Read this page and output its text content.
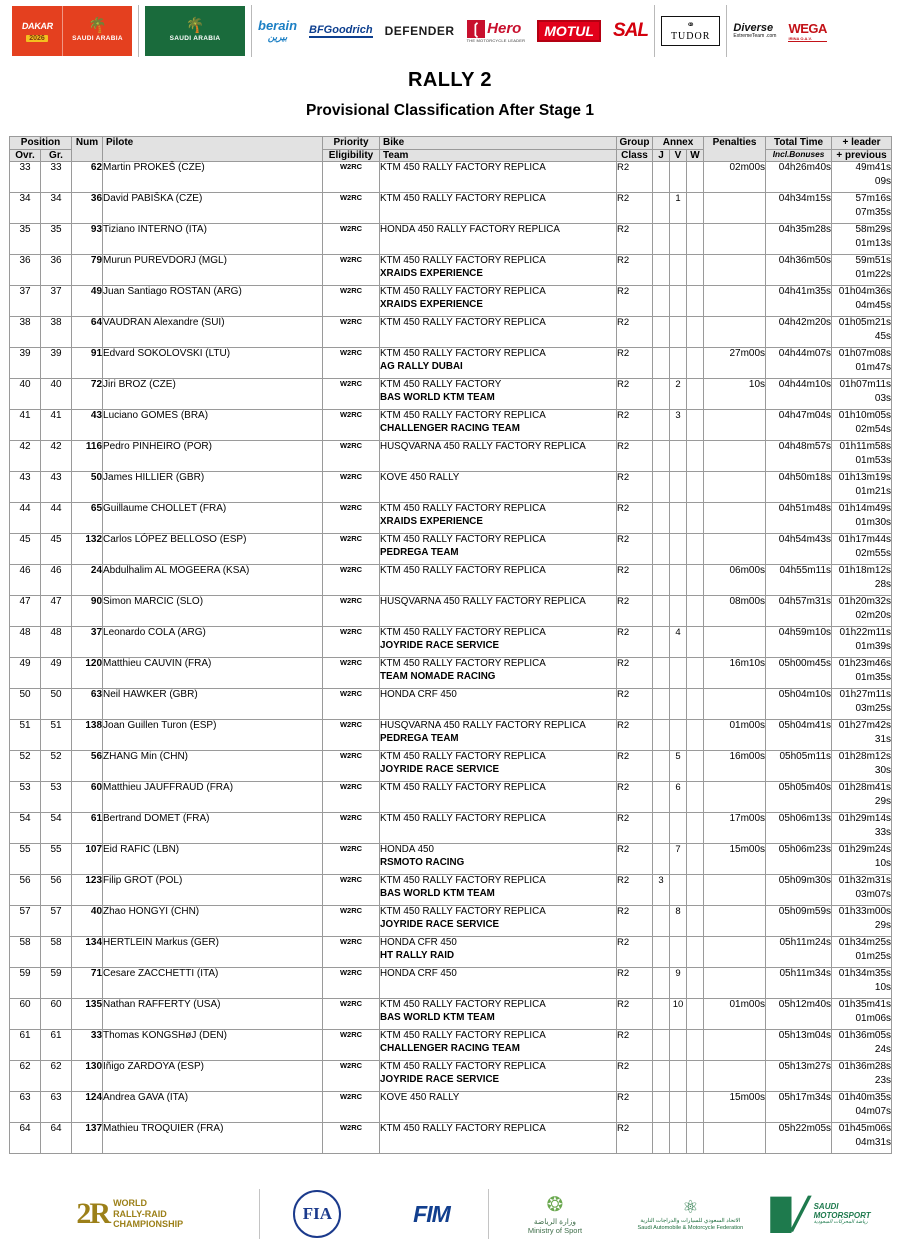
DAKAR
2026
🌴
SAUDI ARABIA
🌴
SAUDI ARABIA
berain
بيرين
BFGoodrich DEFENDER ❲ Hero
THE MOTORCYCLE LEADER
MOTUL	SAL	⚭
TUDOR
Diverse
ExtremeTeam .com
WEGA
IRINA O.A.V.
RALLY 2
Provisional Classification After Stage 1
Position		Num	Pilote	Priority	Bike	Group	Annex			Penalties	Total Time	+ leader
Ovr.	Gr.			Eligibility	Team	Class	J	V	W		Incl.Bonuses	+ previous
33	33	62	Martin PROKEŠ (CZE)	W2RC	KTM 450 RALLY FACTORY REPLICA	R2				02m00s	04h26m40s	49m41s
09s

34	34	36	David PABIŠKA (CZE)	W2RC	KTM 450 RALLY FACTORY REPLICA	R2		1			04h34m15s	57m16s
07m35s

35	35	93	Tiziano INTERNO (ITA)	W2RC	HONDA 450 RALLY FACTORY REPLICA	R2					04h35m28s	58m29s
01m13s

36	36	79	Murun PUREVDORJ (MGL)	W2RC	KTM 450 RALLY FACTORY REPLICA
XRAIDS EXPERIENCE
	R2					04h36m50s	59m51s
01m22s

37	37	49	Juan Santiago ROSTAN (ARG)	W2RC	KTM 450 RALLY FACTORY REPLICA
XRAIDS EXPERIENCE
	R2					04h41m35s	01h04m36s
04m45s

38	38	64	VAUDRAN Alexandre (SUI)	W2RC	KTM 450 RALLY FACTORY REPLICA	R2					04h42m20s	01h05m21s
45s

39	39	91	Edvard SOKOLOVSKI (LTU)	W2RC	KTM 450 RALLY FACTORY REPLICA
AG RALLY DUBAI
	R2				27m00s	04h44m07s	01h07m08s
01m47s

40	40	72	Jiri BROZ (CZE)	W2RC	KTM 450 RALLY FACTORY
BAS WORLD KTM TEAM
	R2		2		10s	04h44m10s	01h07m11s
03s

41	41	43	Luciano GOMES (BRA)	W2RC	KTM 450 RALLY FACTORY REPLICA
CHALLENGER RACING TEAM
	R2		3			04h47m04s	01h10m05s
02m54s

42	42	116	Pedro PINHEIRO (POR)	W2RC	HUSQVARNA 450 RALLY FACTORY REPLICA	R2					04h48m57s	01h11m58s
01m53s

43	43	50	James HILLIER (GBR)	W2RC	KOVE 450 RALLY	R2					04h50m18s	01h13m19s
01m21s

44	44	65	Guillaume CHOLLET (FRA)	W2RC	KTM 450 RALLY FACTORY REPLICA
XRAIDS EXPERIENCE
	R2					04h51m48s	01h14m49s
01m30s

45	45	132	Carlos LÓPEZ BELLOSO (ESP)	W2RC	KTM 450 RALLY FACTORY REPLICA
PEDREGA TEAM
	R2					04h54m43s	01h17m44s
02m55s

46	46	24	Abdulhalim AL MOGEERA (KSA)	W2RC	KTM 450 RALLY FACTORY REPLICA	R2				06m00s	04h55m11s	01h18m12s
28s

47	47	90	Simon MARCIC (SLO)	W2RC	HUSQVARNA 450 RALLY FACTORY REPLICA	R2				08m00s	04h57m31s	01h20m32s
02m20s

48	48	37	Leonardo COLA (ARG)	W2RC	KTM 450 RALLY FACTORY REPLICA
JOYRIDE RACE SERVICE
	R2		4			04h59m10s	01h22m11s
01m39s

49	49	120	Matthieu CAUVIN (FRA)	W2RC	KTM 450 RALLY FACTORY REPLICA
TEAM NOMADE RACING
	R2				16m10s	05h00m45s	01h23m46s
01m35s

50	50	63	Neil HAWKER (GBR)	W2RC	HONDA CRF 450	R2					05h04m10s	01h27m11s
03m25s

51	51	138	Joan Guillen Turon (ESP)	W2RC	HUSQVARNA 450 RALLY FACTORY REPLICA
PEDREGA TEAM
	R2				01m00s	05h04m41s	01h27m42s
31s

52	52	56	ZHANG Min (CHN)	W2RC	KTM 450 RALLY FACTORY REPLICA
JOYRIDE RACE SERVICE
	R2		5		16m00s	05h05m11s	01h28m12s
30s

53	53	60	Matthieu JAUFFRAUD (FRA)	W2RC	KTM 450 RALLY FACTORY REPLICA	R2		6			05h05m40s	01h28m41s
29s

54	54	61	Bertrand DOMET (FRA)	W2RC	KTM 450 RALLY FACTORY REPLICA	R2				17m00s	05h06m13s	01h29m14s
33s

55	55	107	Eid RAFIC (LBN)	W2RC	HONDA 450
RSMOTO RACING
	R2		7		15m00s	05h06m23s	01h29m24s
10s

56	56	123	Filip GROT (POL)	W2RC	KTM 450 RALLY FACTORY REPLICA
BAS WORLD KTM TEAM
	R2	3				05h09m30s	01h32m31s
03m07s

57	57	40	Zhao HONGYI (CHN)	W2RC	KTM 450 RALLY FACTORY REPLICA
JOYRIDE RACE SERVICE
	R2		8			05h09m59s	01h33m00s
29s

58	58	134	HERTLEIN Markus (GER)	W2RC	HONDA CFR 450
HT RALLY RAID
	R2					05h11m24s	01h34m25s
01m25s

59	59	71	Cesare ZACCHETTI (ITA)	W2RC	HONDA CRF 450	R2		9			05h11m34s	01h34m35s
10s

60	60	135	Nathan RAFFERTY (USA)	W2RC	KTM 450 RALLY FACTORY REPLICA
BAS WORLD KTM TEAM
	R2		10		01m00s	05h12m40s	01h35m41s
01m06s

61	61	33	Thomas KONGSHøJ (DEN)	W2RC	KTM 450 RALLY FACTORY REPLICA
CHALLENGER RACING TEAM
	R2					05h13m04s	01h36m05s
24s

62	62	130	Iñigo ZARDOYA (ESP)	W2RC	KTM 450 RALLY FACTORY REPLICA
JOYRIDE RACE SERVICE
	R2					05h13m27s	01h36m28s
23s

63	63	124	Andrea GAVA (ITA)	W2RC	KOVE 450 RALLY	R2				15m00s	05h17m34s	01h40m35s
04m07s

64	64	137	Mathieu TROQUIER (FRA)	W2RC	KTM 450 RALLY FACTORY REPLICA	R2					05h22m05s	01h45m06s
04m31s
2R WORLD
RALLY-RAID
CHAMPIONSHIP
FIA	FIM	❂
وزارة الرياضة
Ministry of Sport
⚛
الاتحاد السعودي للسيارات والدراجات النارية
Saudi Automobile & Motorcycle Federation █╱ SAUDI MOTORSPORT
رياضة المحركات السعودية
